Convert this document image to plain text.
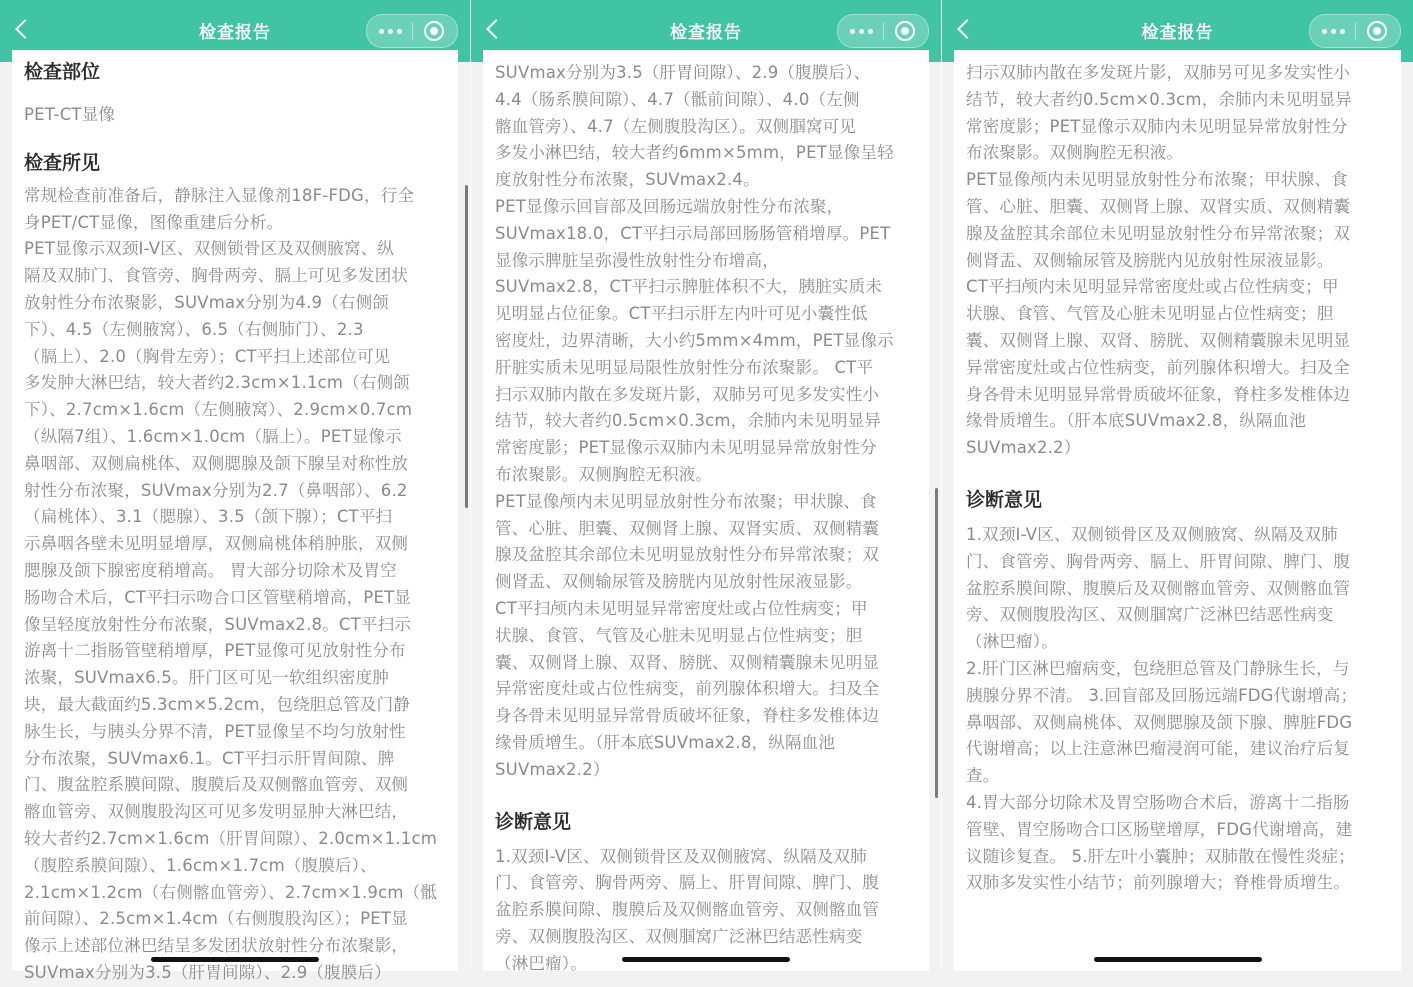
检查报告
检查部位

PET-CT显像

检查所见

常规检查前准备后，静脉注入显像剂18F-FDG，行全

身PET/CT显像，图像重建后分析。

PET显像示双颈I-V区、双侧锁骨区及双侧腋窝、纵

隔及双肺门、食管旁、胸骨两旁、膈上可见多发团状

放射性分布浓聚影，SUVmax分别为4.9（右侧颌

下）、4.5（左侧腋窝）、6.5（右侧肺门）、2.3

（膈上）、2.0（胸骨左旁）；CT平扫上述部位可见

多发肿大淋巴结，较大者约2.3cm×1.1cm（右侧颌

下）、2.7cm×1.6cm（左侧腋窝）、2.9cm×0.7cm

（纵隔7组）、1.6cm×1.0cm（膈上）。PET显像示

鼻咽部、双侧扁桃体、双侧腮腺及颌下腺呈对称性放

射性分布浓聚，SUVmax分别为2.7（鼻咽部）、6.2

（扁桃体）、3.1（腮腺）、3.5（颌下腺）；CT平扫

示鼻咽各壁未见明显增厚，双侧扁桃体稍肿胀，双侧

腮腺及颌下腺密度稍增高。 胃大部分切除术及胃空

肠吻合术后，CT平扫示吻合口区管壁稍增高，PET显

像呈轻度放射性分布浓聚，SUVmax2.8。CT平扫示

游离十二指肠管壁稍增厚，PET显像可见放射性分布

浓聚，SUVmax6.5。肝门区可见一软组织密度肿

块，最大截面约5.3cm×5.2cm，包绕胆总管及门静

脉生长，与胰头分界不清，PET显像呈不均匀放射性

分布浓聚，SUVmax6.1。CT平扫示肝胃间隙、脾

门、腹盆腔系膜间隙、腹膜后及双侧髂血管旁、双侧

髂血管旁、双侧腹股沟区可见多发明显肿大淋巴结，

较大者约2.7cm×1.6cm（肝胃间隙）、2.0cm×1.1cm

（腹腔系膜间隙）、1.6cm×1.7cm（腹膜后）、

2.1cm×1.2cm（右侧髂血管旁）、2.7cm×1.9cm（骶

前间隙）、2.5cm×1.4cm（右侧腹股沟区）；PET显

像示上述部位淋巴结呈多发团状放射性分布浓聚影，

SUVmax分别为3.5（肝胃间隙）、2.9（腹膜后）

检查报告

SUVmax分别为3.5（肝胃间隙）、2.9（腹膜后）、

4.4（肠系膜间隙）、4.7（骶前间隙）、4.0（左侧

髂血管旁）、4.7（左侧腹股沟区）。双侧腘窝可见

多发小淋巴结，较大者约6mm×5mm，PET显像呈轻

度放射性分布浓聚，SUVmax2.4。

PET显像示回盲部及回肠远端放射性分布浓聚，

SUVmax18.0，CT平扫示局部回肠肠管稍增厚。PET

显像示脾脏呈弥漫性放射性分布增高，

SUVmax2.8，CT平扫示脾脏体积不大，胰脏实质未

见明显占位征象。CT平扫示肝左内叶可见小囊性低

密度灶，边界清晰，大小约5mm×4mm，PET显像示

肝脏实质未见明显局限性放射性分布浓聚影。 CT平

扫示双肺内散在多发斑片影，双肺另可见多发实性小

结节，较大者约0.5cm×0.3cm，余肺内未见明显异

常密度影；PET显像示双肺内未见明显异常放射性分

布浓聚影。双侧胸腔无积液。

PET显像颅内未见明显放射性分布浓聚；甲状腺、食

管、心脏、胆囊、双侧肾上腺、双肾实质、双侧精囊

腺及盆腔其余部位未见明显放射性分布异常浓聚；双

侧肾盂、双侧输尿管及膀胱内见放射性尿液显影。

CT平扫颅内未见明显异常密度灶或占位性病变；甲

状腺、食管、气管及心脏未见明显占位性病变；胆

囊、双侧肾上腺、双肾、膀胱、双侧精囊腺未见明显

异常密度灶或占位性病变，前列腺体积增大。扫及全

身各骨未见明显异常骨质破坏征象，脊柱多发椎体边

缘骨质增生。（肝本底SUVmax2.8，纵隔血池

SUVmax2.2）

诊断意见

1.双颈I-V区、双侧锁骨区及双侧腋窝、纵隔及双肺

门、食管旁、胸骨两旁、膈上、肝胃间隙、脾门、腹

盆腔系膜间隙、腹膜后及双侧髂血管旁、双侧髂血管

旁、双侧腹股沟区、双侧腘窝广泛淋巴结恶性病变

（淋巴瘤）。

检查报告

扫示双肺内散在多发斑片影，双肺另可见多发实性小

结节，较大者约0.5cm×0.3cm，余肺内未见明显异

常密度影；PET显像示双肺内未见明显异常放射性分

布浓聚影。双侧胸腔无积液。

PET显像颅内未见明显放射性分布浓聚；甲状腺、食

管、心脏、胆囊、双侧肾上腺、双肾实质、双侧精囊

腺及盆腔其余部位未见明显放射性分布异常浓聚；双

侧肾盂、双侧输尿管及膀胱内见放射性尿液显影。

CT平扫颅内未见明显异常密度灶或占位性病变；甲

状腺、食管、气管及心脏未见明显占位性病变；胆

囊、双侧肾上腺、双肾、膀胱、双侧精囊腺未见明显

异常密度灶或占位性病变，前列腺体积增大。扫及全

身各骨未见明显异常骨质破坏征象，脊柱多发椎体边

缘骨质增生。（肝本底SUVmax2.8，纵隔血池

SUVmax2.2）

诊断意见

1.双颈I-V区、双侧锁骨区及双侧腋窝、纵隔及双肺

门、食管旁、胸骨两旁、膈上、肝胃间隙、脾门、腹

盆腔系膜间隙、腹膜后及双侧髂血管旁、双侧髂血管

旁、双侧腹股沟区、双侧腘窝广泛淋巴结恶性病变

（淋巴瘤）。

2.肝门区淋巴瘤病变，包绕胆总管及门静脉生长，与

胰腺分界不清。 3.回盲部及回肠远端FDG代谢增高；

鼻咽部、双侧扁桃体、双侧腮腺及颌下腺、脾脏FDG

代谢增高；以上注意淋巴瘤浸润可能，建议治疗后复

查。

4.胃大部分切除术及胃空肠吻合术后，游离十二指肠

管壁、胃空肠吻合口区肠壁增厚，FDG代谢增高，建

议随诊复查。 5.肝左叶小囊肿；双肺散在慢性炎症；

双肺多发实性小结节；前列腺增大；脊椎骨质增生。
